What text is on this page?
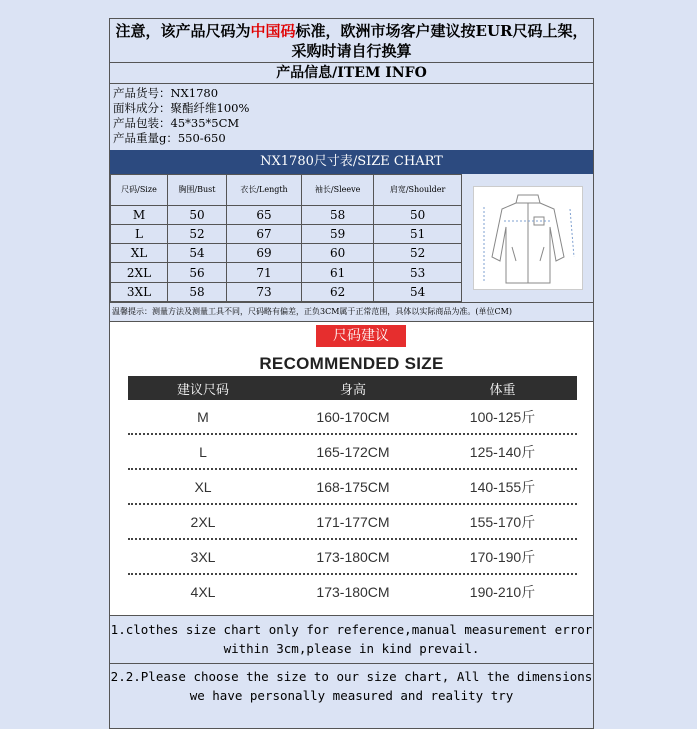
注意，该产品尺码为中国码标准，欧洲市场客户建议按EUR尺码上架，采购时请自行换算
产品信息/ITEM INFO
产品货号：NX1780
面料成分：聚酯纤维100%
产品包装：45*35*5CM
产品重量g：550-650
NX1780尺寸表/SIZE CHART
尺码/Size	胸围/Bust	衣长/Length	袖长/Sleeve	肩宽/Shoulder
M	50	65	58	50
L	52	67	59	51
XL	54	69	60	52
2XL	56	71	61	53
3XL	58	73	62	54
温馨提示：测量方法及测量工具不同，尺码略有偏差，正负3CM属于正常范围，具体以实际商品为准。(单位CM)
尺码建议
RECOMMENDED SIZE
建议尺码	身高	体重
M	160-170CM	100-125斤
L	165-172CM	125-140斤
XL	168-175CM	140-155斤
2XL	171-177CM	155-170斤
3XL	173-180CM	170-190斤
4XL	173-180CM	190-210斤
1.clothes size chart only for reference,manual measurement error within 3cm,please in kind prevail.
2.2.Please choose the size to our size chart, All the dimensions we have personally measured and reality try
